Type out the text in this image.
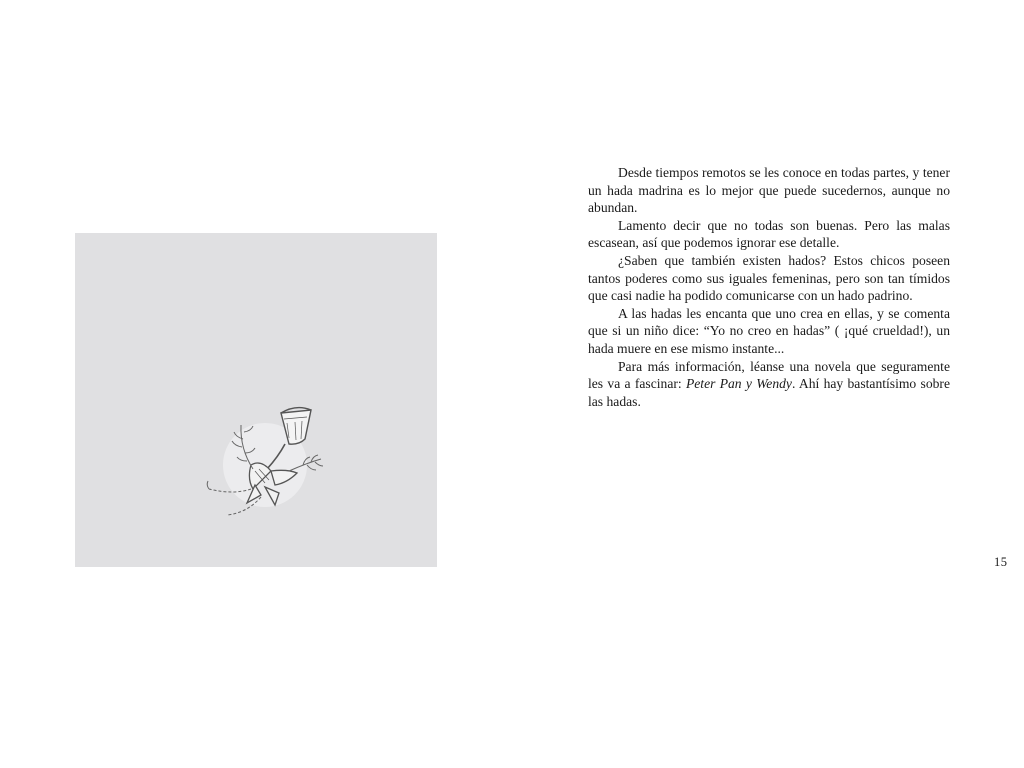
Desde tiempos remotos se les conoce en todas partes, y tener un hada madrina es lo mejor que puede sucedernos, aunque no abundan.

Lamento decir que no todas son buenas. Pero las malas escasean, así que podemos ignorar ese detalle.

¿Saben que también existen hados? Estos chicos poseen tantos poderes como sus iguales femeninas, pero son tan tímidos que casi nadie ha podido comunicarse con un hado padrino.

A las hadas les encanta que uno crea en ellas, y se comenta que si un niño dice: “Yo no creo en hadas” ( ¡qué crueldad!), un hada muere en ese mismo instante...

Para más información, léanse una novela que seguramente les va a fascinar: Peter Pan y Wendy. Ahí hay bastantísimo sobre las hadas.

15
